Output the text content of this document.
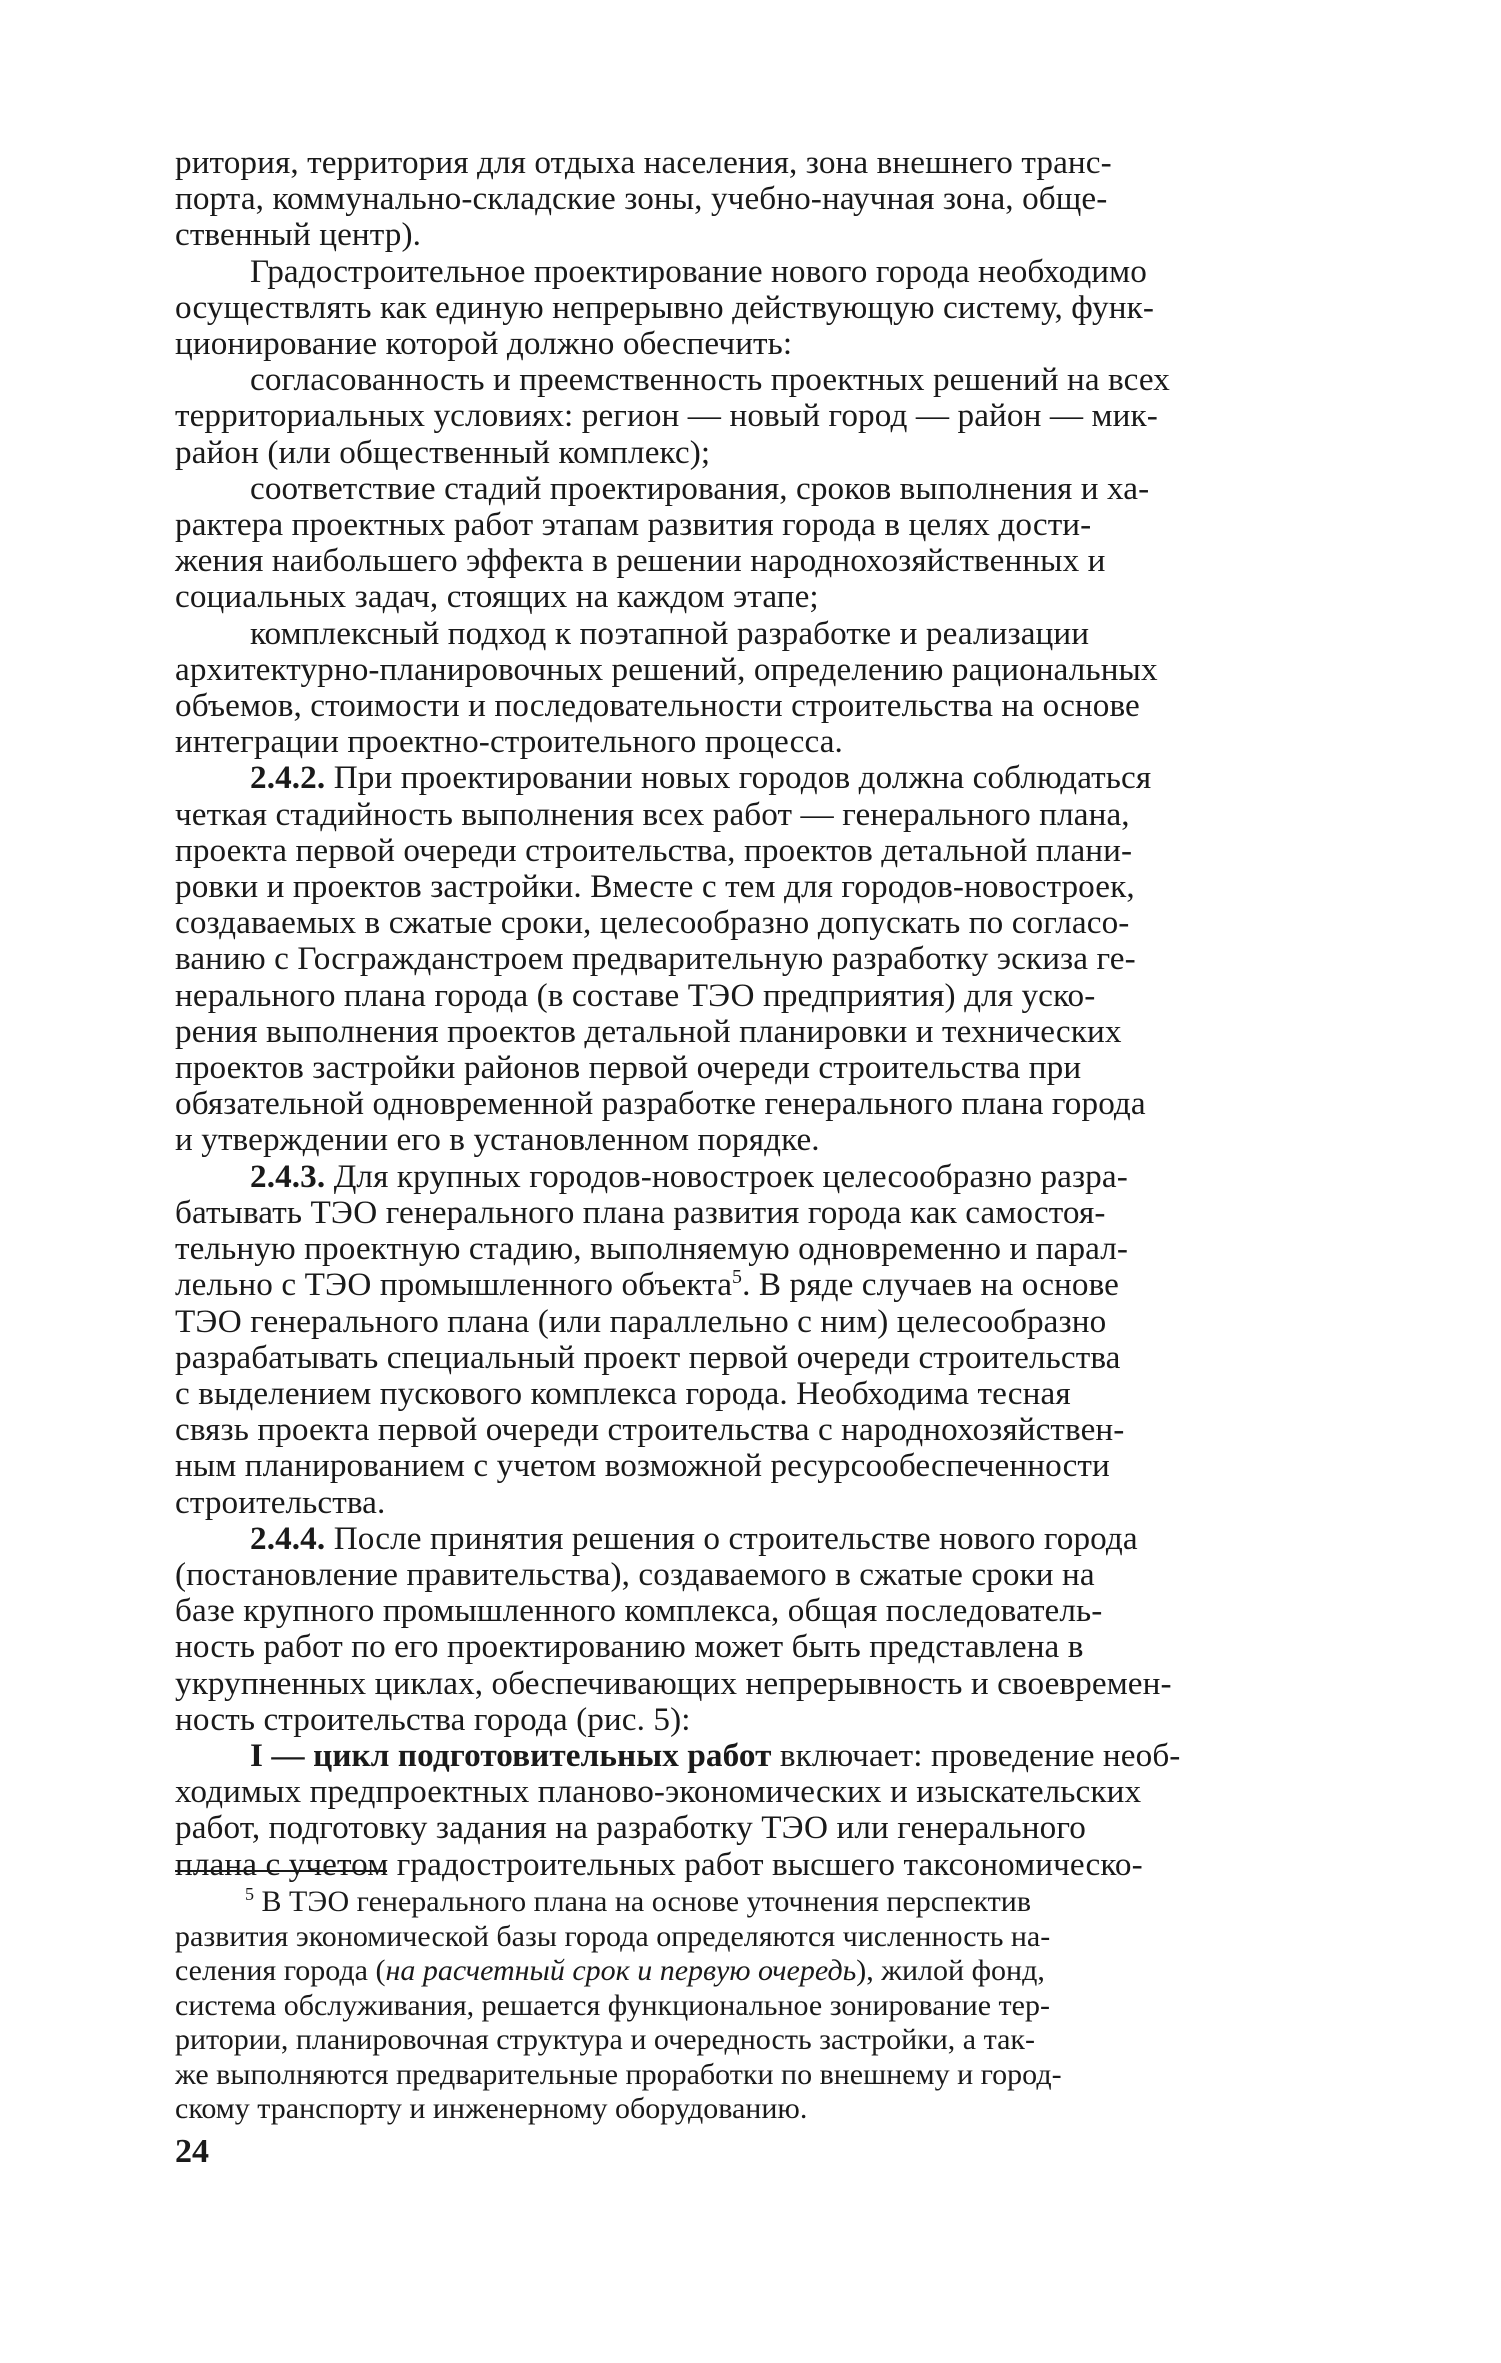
ритория, территория для отдыха населения, зона внешнего транс-
порта, коммунально-складские зоны, учебно-научная зона, обще-
ственный центр).

Градостроительное проектирование нового города необходимо
осуществлять как единую непрерывно действующую систему, функ-
ционирование которой должно обеспечить:

согласованность и преемственность проектных решений на всех
территориальных условиях: регион — новый город — район — мик-
район (или общественный комплекс);

соответствие стадий проектирования, сроков выполнения и ха-
рактера проектных работ этапам развития города в целях дости-
жения наибольшего эффекта в решении народнохозяйственных и
социальных задач, стоящих на каждом этапе;

комплексный подход к поэтапной разработке и реализации
архитектурно-планировочных решений, определению рациональных
объемов, стоимости и последовательности строительства на основе
интеграции проектно-строительного процесса.

2.4.2. При проектировании новых городов должна соблюдаться
четкая стадийность выполнения всех работ — генерального плана,
проекта первой очереди строительства, проектов детальной плани-
ровки и проектов застройки. Вместе с тем для городов-новостроек,
создаваемых в сжатые сроки, целесообразно допускать по согласо-
ванию с Госгражданстроем предварительную разработку эскиза ге-
нерального плана города (в составе ТЭО предприятия) для уско-
рения выполнения проектов детальной планировки и технических
проектов застройки районов первой очереди строительства при
обязательной одновременной разработке генерального плана города
и утверждении его в установленном порядке.

2.4.3. Для крупных городов-новостроек целесообразно разра-
батывать ТЭО генерального плана развития города как самостоя-
тельную проектную стадию, выполняемую одновременно и парал-
лельно с ТЭО промышленного объекта$^5$. В ряде случаев на основе
ТЭО генерального плана (или параллельно с ним) целесообразно
разрабатывать специальный проект первой очереди строительства
с выделением пускового комплекса города. Необходима тесная
связь проекта первой очереди строительства с народнохозяйствен-
ным планированием с учетом возможной ресурсообеспеченности
строительства.

2.4.4. После принятия решения о строительстве нового города
(постановление правительства), создаваемого в сжатые сроки на
базе крупного промышленного комплекса, общая последователь-
ность работ по его проектированию может быть представлена в
укрупненных циклах, обеспечивающих непрерывность и своевремен-
ность строительства города (рис. 5):

I — цикл подготовительных работ включает: проведение необ-
ходимых предпроектных планово-экономических и изыскательских
работ, подготовку задания на разработку ТЭО или генерального
плана с учетом градостроительных работ высшего таксономическо-

$^5$ В ТЭО генерального плана на основе уточнения перспектив
развития экономической базы города определяются численность на-
селения города (на расчетный срок и первую очередь), жилой фонд,
система обслуживания, решается функциональное зонирование тер-
ритории, планировочная структура и очередность застройки, а так-
же выполняются предварительные проработки по внешнему и город-
скому транспорту и инженерному оборудованию.

24
